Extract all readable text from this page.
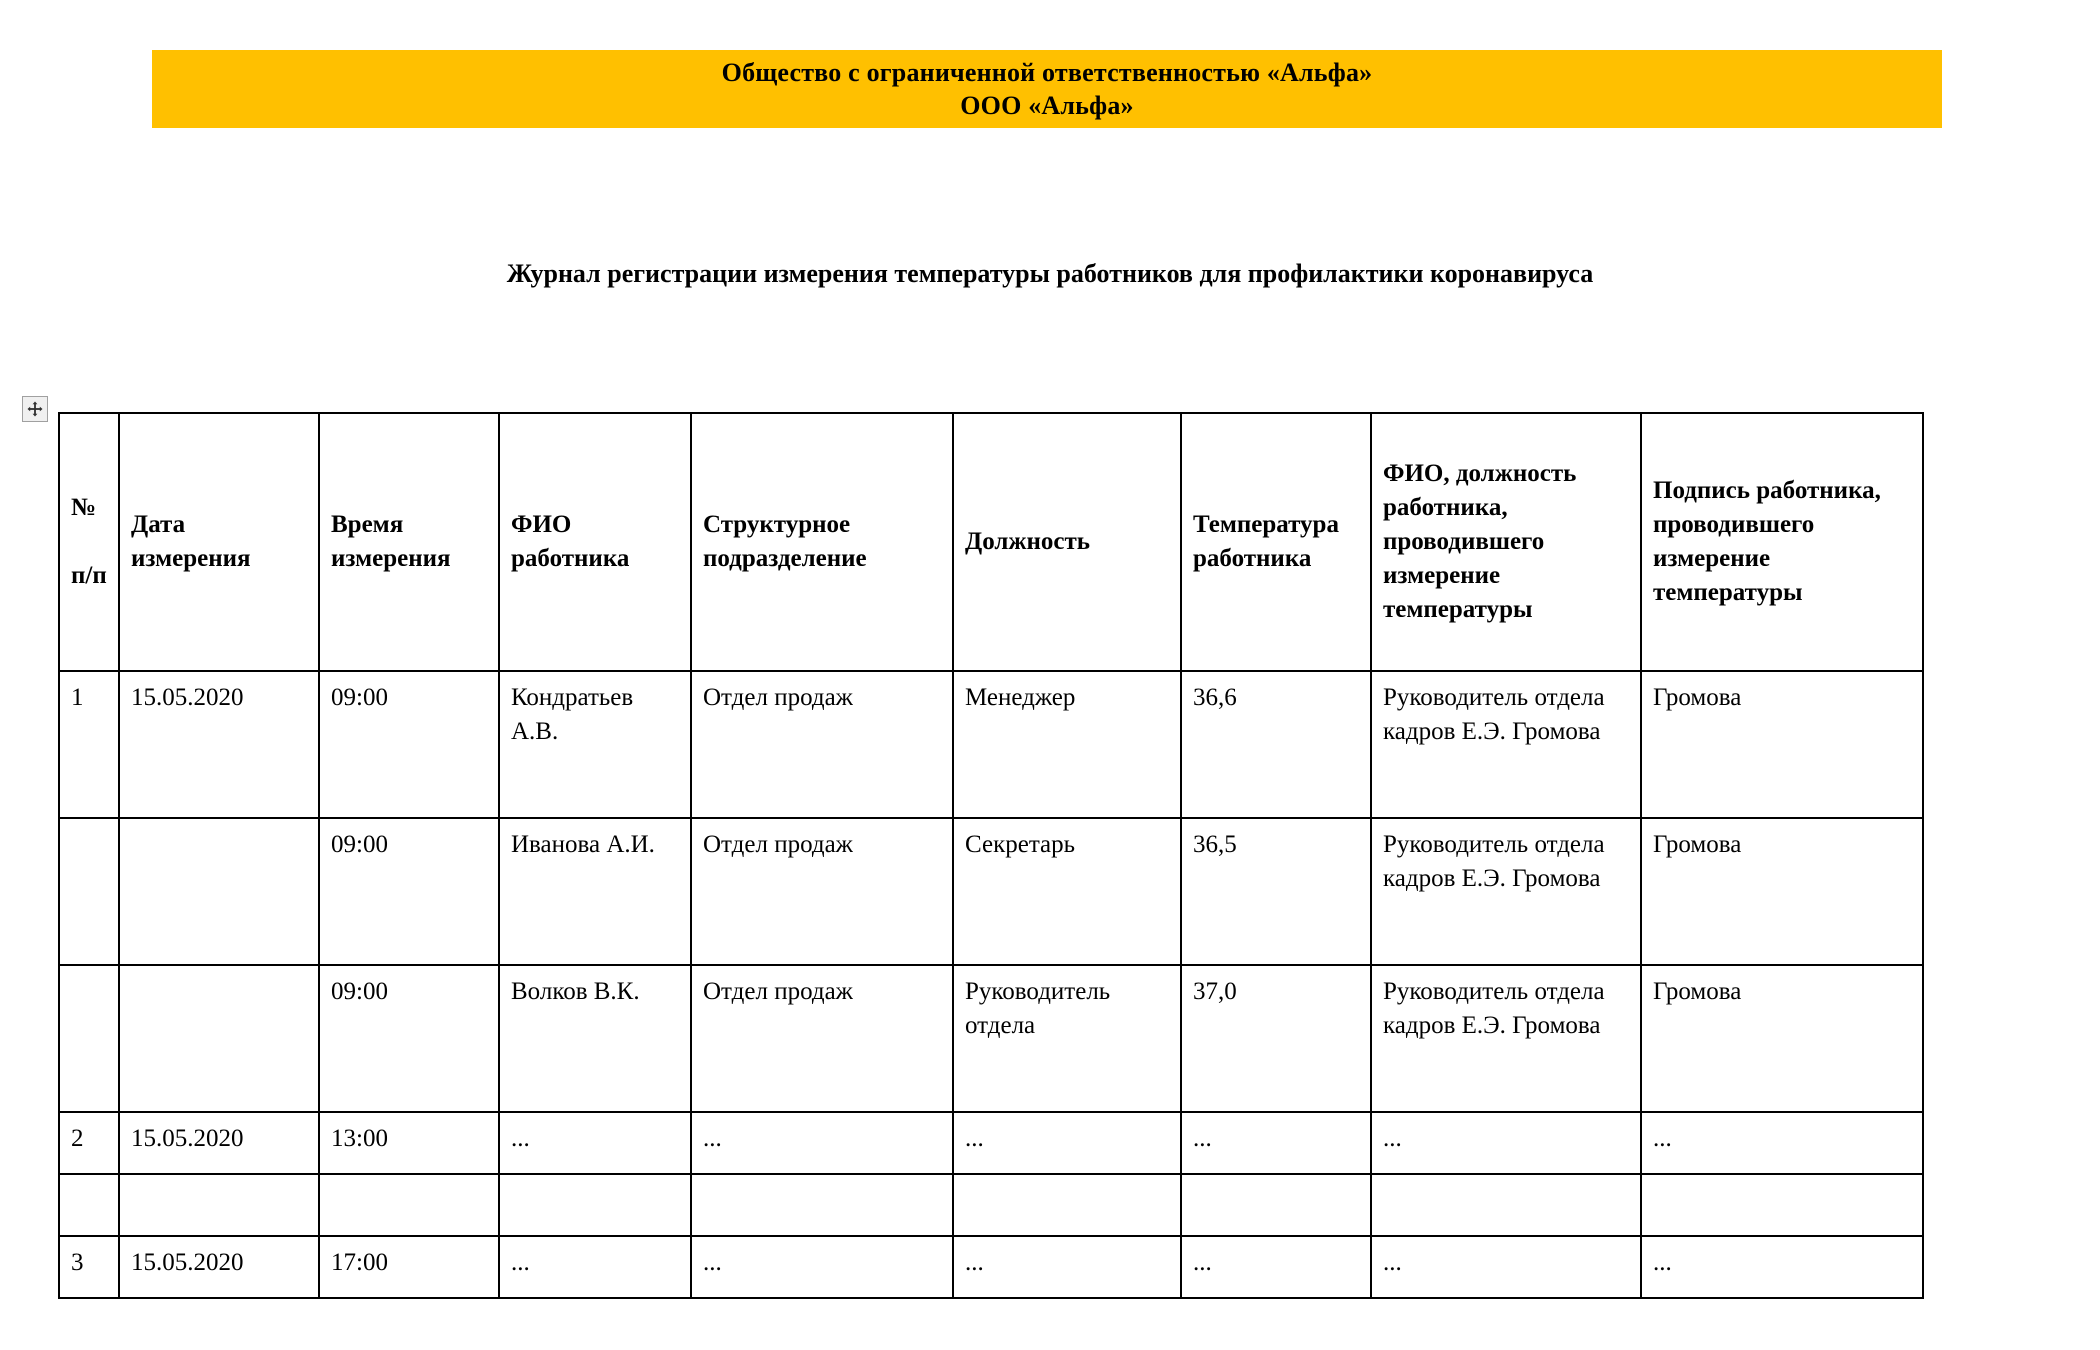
Общество с ограниченной ответственностью «Альфа»
ООО «Альфа»
Журнал регистрации измерения температуры работников для профилактики коронавируса
№
п/п	Дата измерения	Время измерения	ФИО работника	Структурное подразделение	Должность	Температура работника	ФИО, должность работника, проводившего измерение температуры	Подпись работника, проводившего измерение температуры
1	15.05.2020	09:00	Кондратьев А.В.	Отдел продаж	Менеджер	36,6	Руководитель отдела кадров Е.Э. Громова	Громова
		09:00	Иванова А.И.	Отдел продаж	Секретарь	36,5	Руководитель отдела кадров Е.Э. Громова	Громова
		09:00	Волков В.К.	Отдел продаж	Руководитель отдела	37,0	Руководитель отдела кадров Е.Э. Громова	Громова
2	15.05.2020	13:00	...	...	...	...	...	...

3	15.05.2020	17:00	...	...	...	...	...	...
